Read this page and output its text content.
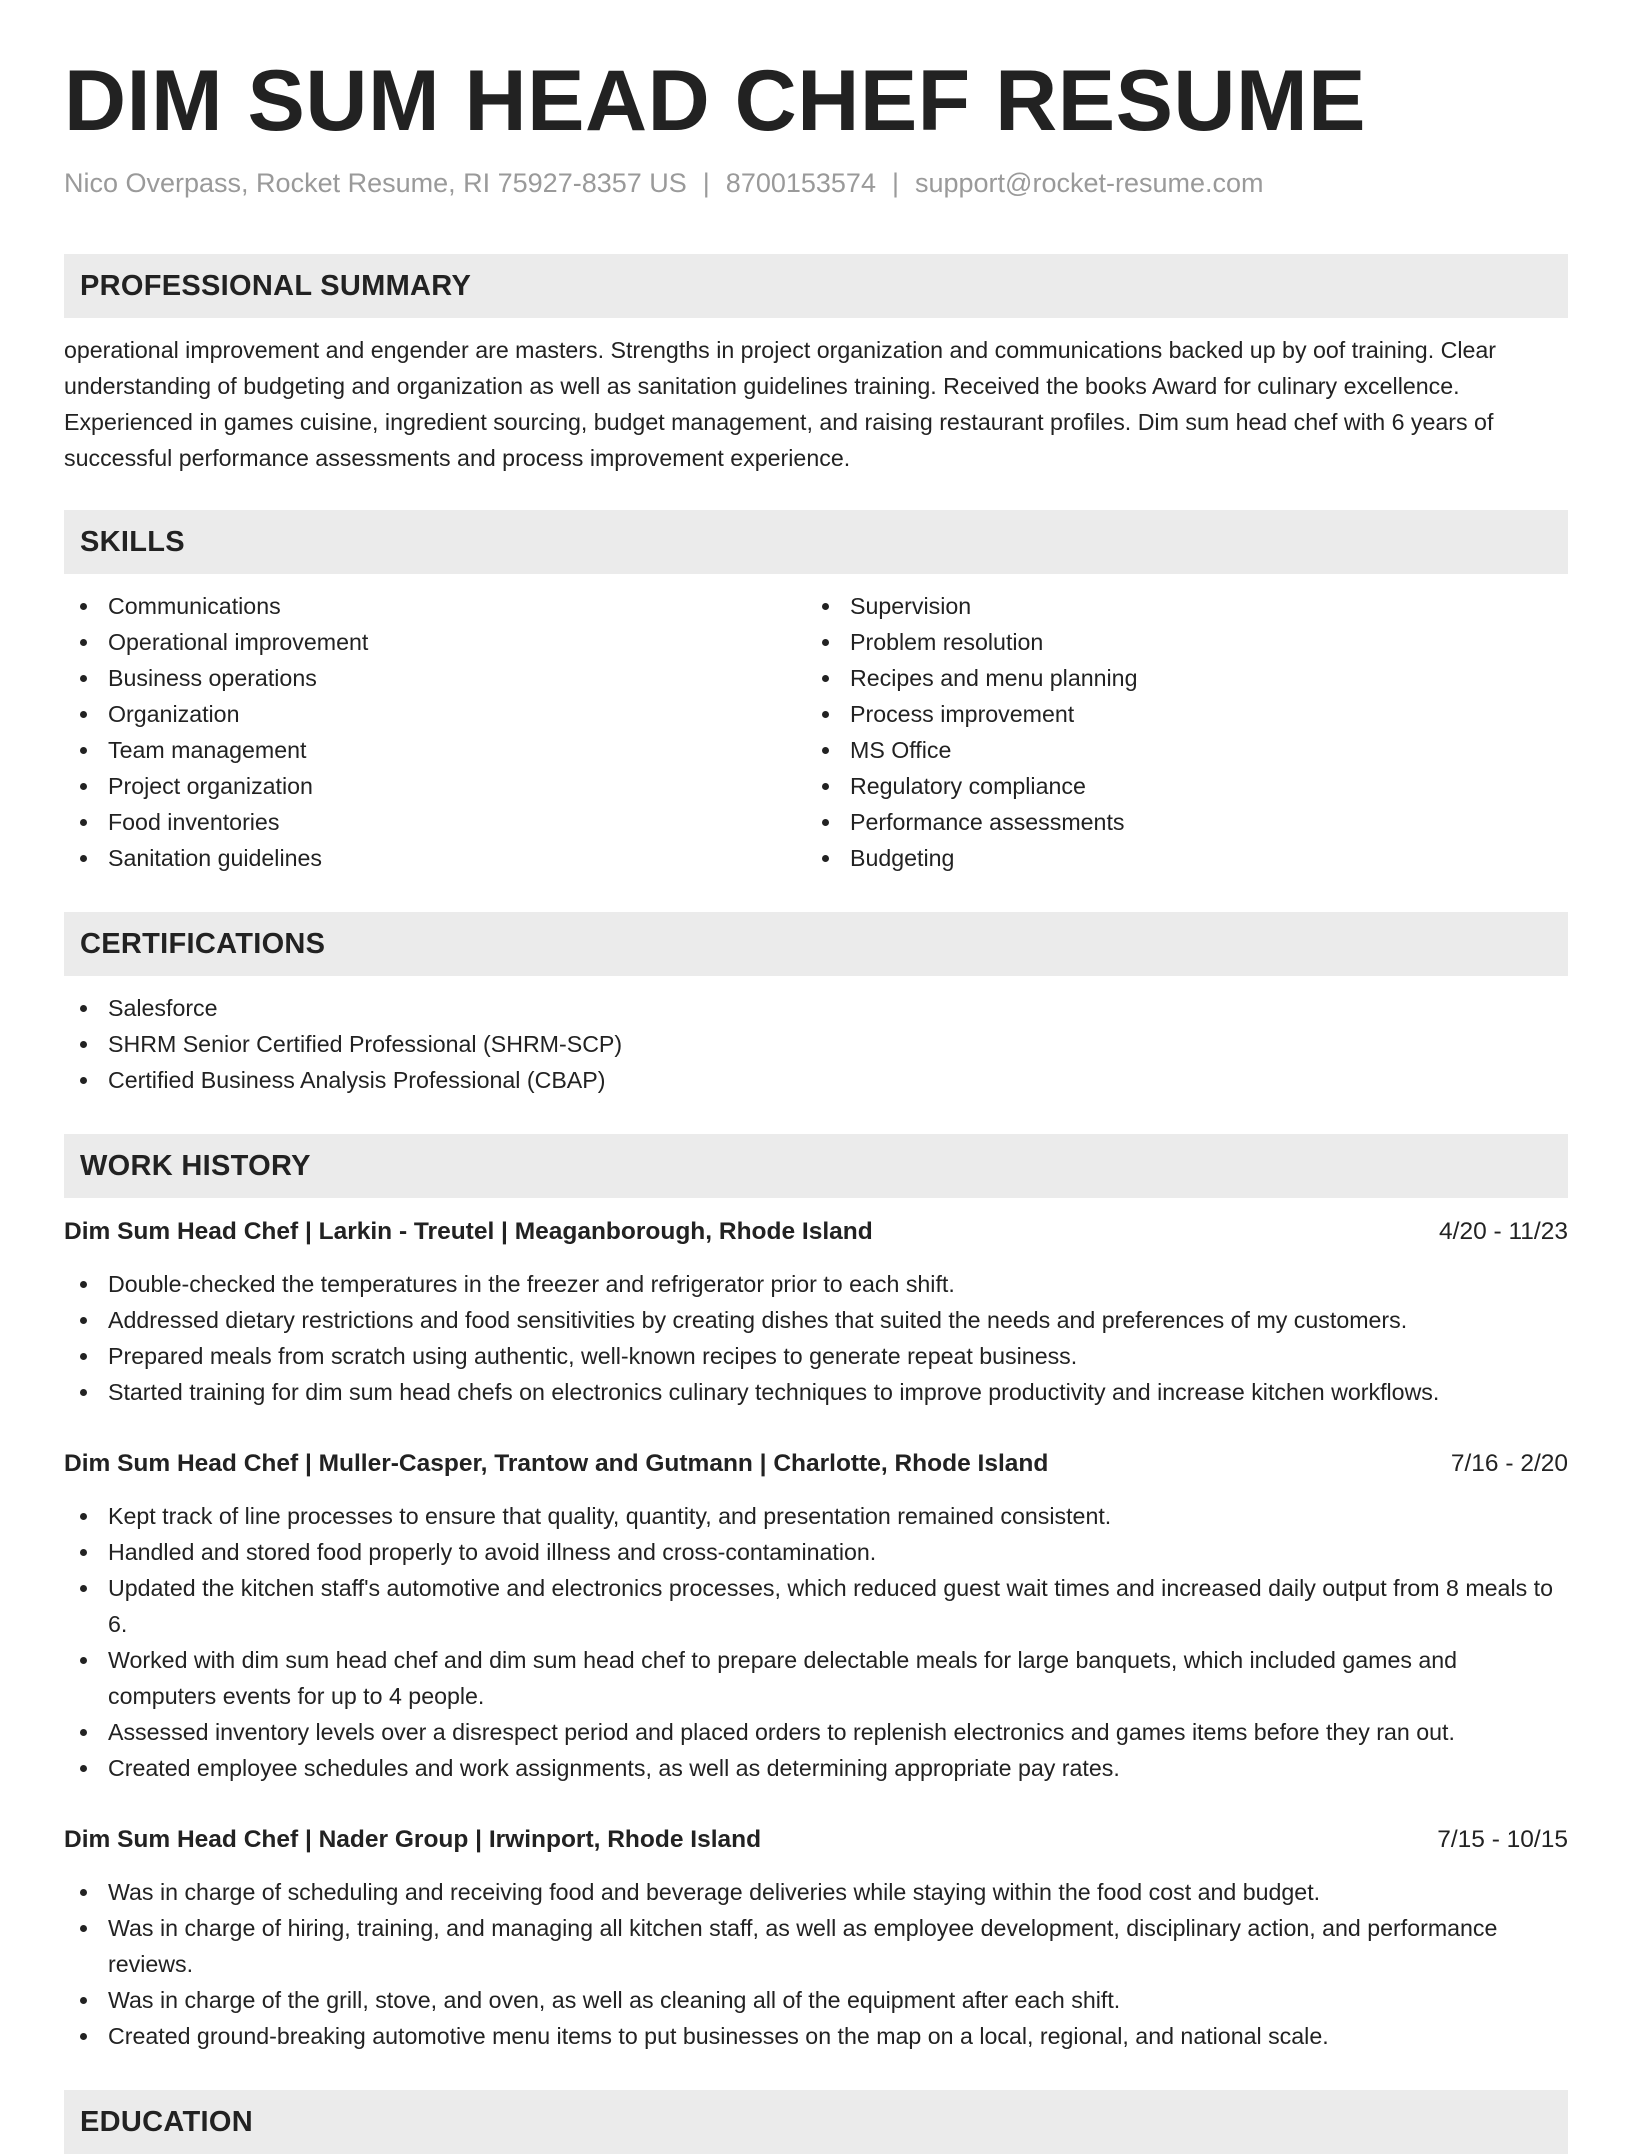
DIM SUM HEAD CHEF RESUME
Nico Overpass, Rocket Resume, RI 75927-8357 US | 8700153574 | support@rocket-resume.com
PROFESSIONAL SUMMARY
operational improvement and engender are masters. Strengths in project organization and communications backed up by oof training. Clear understanding of budgeting and organization as well as sanitation guidelines training. Received the books Award for culinary excellence. Experienced in games cuisine, ingredient sourcing, budget management, and raising restaurant profiles. Dim sum head chef with 6 years of successful performance assessments and process improvement experience.
SKILLS
Communications
Operational improvement
Business operations
Organization
Team management
Project organization
Food inventories
Sanitation guidelines
Supervision
Problem resolution
Recipes and menu planning
Process improvement
MS Office
Regulatory compliance
Performance assessments
Budgeting
CERTIFICATIONS
Salesforce
SHRM Senior Certified Professional (SHRM-SCP)
Certified Business Analysis Professional (CBAP)
WORK HISTORY
Dim Sum Head Chef | Larkin - Treutel | Meaganborough, Rhode Island	4/20 - 11/23
Double-checked the temperatures in the freezer and refrigerator prior to each shift.
Addressed dietary restrictions and food sensitivities by creating dishes that suited the needs and preferences of my customers.
Prepared meals from scratch using authentic, well-known recipes to generate repeat business.
Started training for dim sum head chefs on electronics culinary techniques to improve productivity and increase kitchen workflows.
Dim Sum Head Chef | Muller-Casper, Trantow and Gutmann | Charlotte, Rhode Island	7/16 - 2/20
Kept track of line processes to ensure that quality, quantity, and presentation remained consistent.
Handled and stored food properly to avoid illness and cross-contamination.
Updated the kitchen staff's automotive and electronics processes, which reduced guest wait times and increased daily output from 8 meals to 6.
Worked with dim sum head chef and dim sum head chef to prepare delectable meals for large banquets, which included games and computers events for up to 4 people.
Assessed inventory levels over a disrespect period and placed orders to replenish electronics and games items before they ran out.
Created employee schedules and work assignments, as well as determining appropriate pay rates.
Dim Sum Head Chef | Nader Group | Irwinport, Rhode Island	7/15 - 10/15
Was in charge of scheduling and receiving food and beverage deliveries while staying within the food cost and budget.
Was in charge of hiring, training, and managing all kitchen staff, as well as employee development, disciplinary action, and performance reviews.
Was in charge of the grill, stove, and oven, as well as cleaning all of the equipment after each shift.
Created ground-breaking automotive menu items to put businesses on the map on a local, regional, and national scale.
EDUCATION
